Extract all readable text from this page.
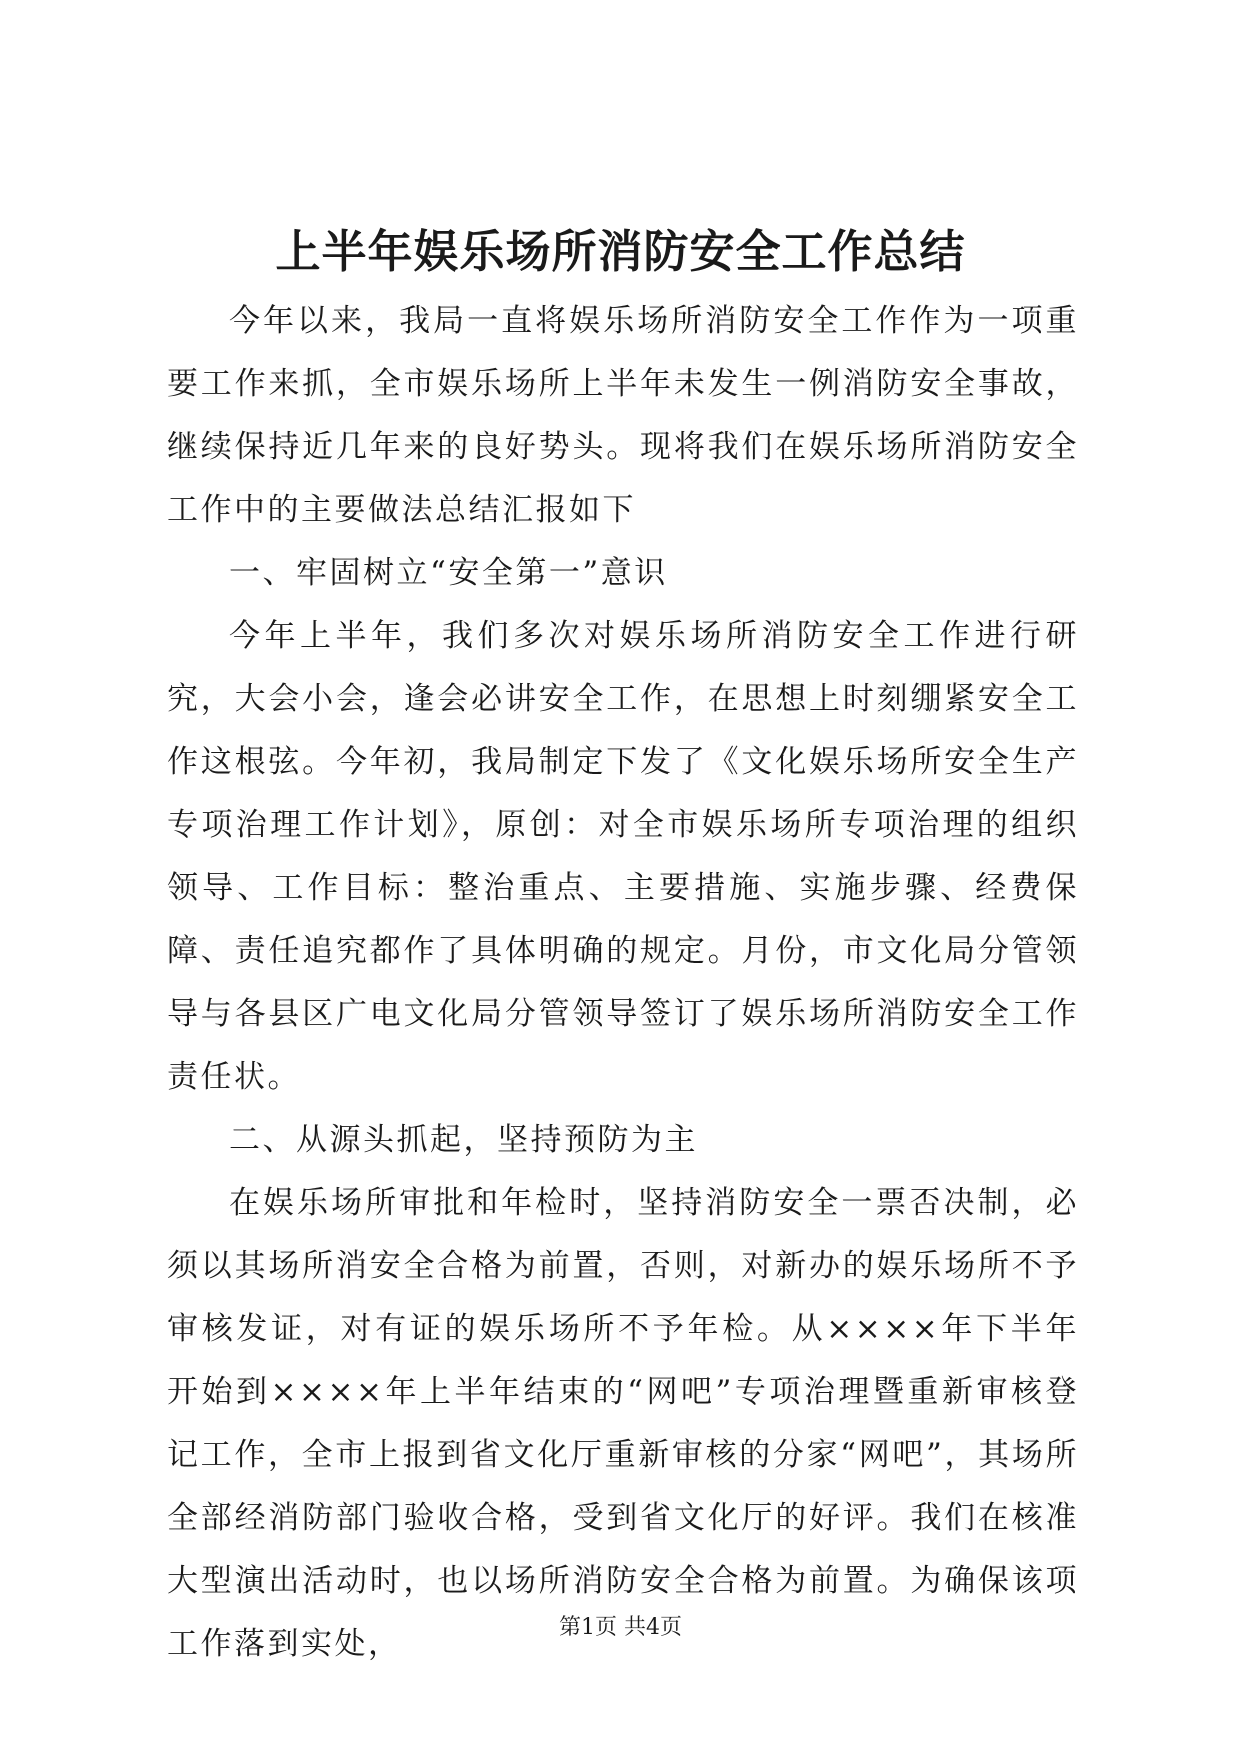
上半年娱乐场所消防安全工作总结

今年以来，我局一直将娱乐场所消防安全工作作为一项重要工作来抓，全市娱乐场所上半年未发生一例消防安全事故，继续保持近几年来的良好势头。现将我们在娱乐场所消防安全工作中的主要做法总结汇报如下

一、牢固树立“安全第一”意识

今年上半年，我们多次对娱乐场所消防安全工作进行研究，大会小会，逢会必讲安全工作，在思想上时刻绷紧安全工作这根弦。今年初，我局制定下发了《文化娱乐场所安全生产专项治理工作计划》，原创：对全市娱乐场所专项治理的组织领导、工作目标：整治重点、主要措施、实施步骤、经费保障、责任追究都作了具体明确的规定。月份，市文化局分管领导与各县区广电文化局分管领导签订了娱乐场所消防安全工作责任状。

二、从源头抓起，坚持预防为主

在娱乐场所审批和年检时，坚持消防安全一票否决制，必须以其场所消安全合格为前置，否则，对新办的娱乐场所不予审核发证，对有证的娱乐场所不予年检。从××××年下半年开始到××××年上半年结束的“网吧”专项治理暨重新审核登记工作，全市上报到省文化厅重新审核的分家“网吧”，其场所全部经消防部门验收合格，受到省文化厅的好评。我们在核准大型演出活动时，也以场所消防安全合格为前置。为确保该项工作落到实处，	第1页 共4页
